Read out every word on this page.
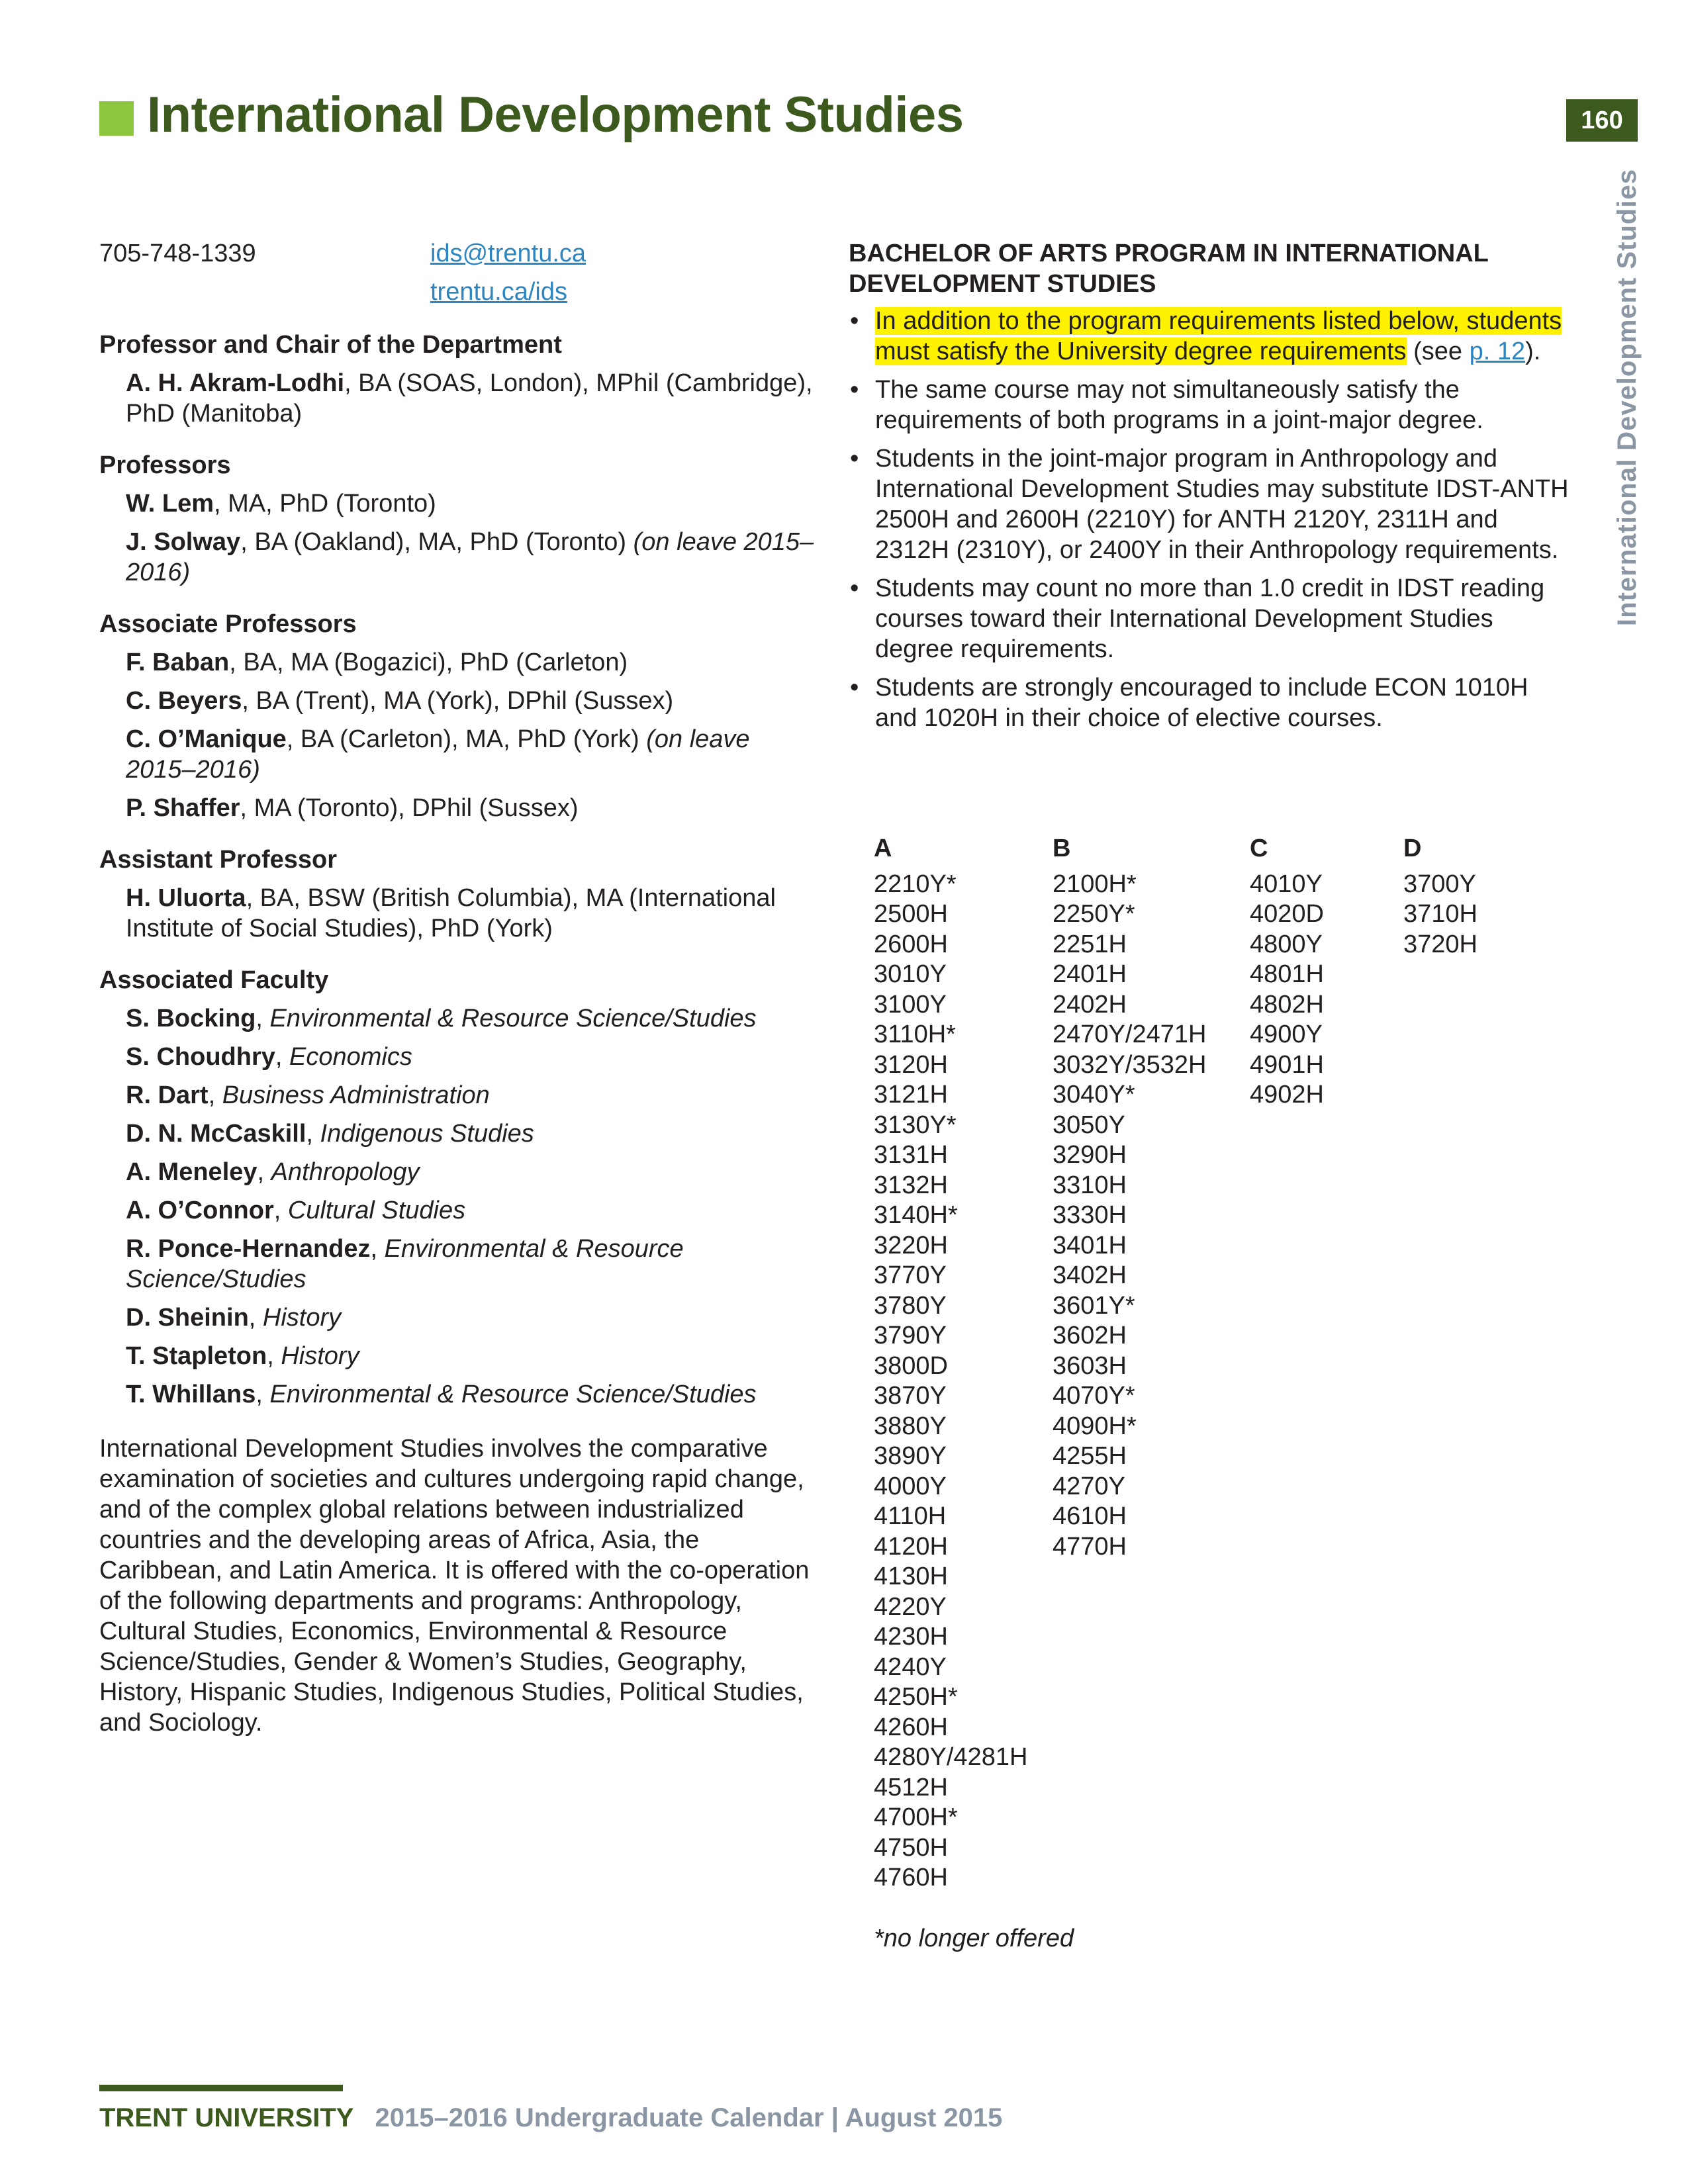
International Development Studies	160
International Development Studies
705-748-1339	ids@trentu.ca
trentu.ca/ids
Professor and Chair of the Department
A. H. Akram-Lodhi, BA (SOAS, London), MPhil (Cambridge), PhD (Manitoba)
Professors
W. Lem, MA, PhD (Toronto)
J. Solway, BA (Oakland), MA, PhD (Toronto) (on leave 2015–2016)
Associate Professors
F. Baban, BA, MA (Bogazici), PhD (Carleton)
C. Beyers, BA (Trent), MA (York), DPhil (Sussex)
C. O’Manique, BA (Carleton), MA, PhD (York) (on leave 2015–2016)
P. Shaffer, MA (Toronto), DPhil (Sussex)
Assistant Professor
H. Uluorta, BA, BSW (British Columbia), MA (International Institute of Social Studies), PhD (York)
Associated Faculty
S. Bocking, Environmental & Resource Science/Studies
S. Choudhry, Economics
R. Dart, Business Administration
D. N. McCaskill, Indigenous Studies
A. Meneley, Anthropology
A. O’Connor, Cultural Studies
R. Ponce-Hernandez, Environmental & Resource Science/Studies
D. Sheinin, History
T. Stapleton, History
T. Whillans, Environmental & Resource Science/Studies
International Development Studies involves the comparative examination of societies and cultures undergoing rapid change, and of the complex global relations between industrialized countries and the developing areas of Africa, Asia, the Caribbean, and Latin America. It is offered with the co-operation of the following departments and programs: Anthropology, Cultural Studies, Economics, Environmental & Resource Science/Studies, Gender & Women’s Studies, Geography, History, Hispanic Studies, Indigenous Studies, Political Studies, and Sociology.
BACHELOR OF ARTS PROGRAM IN INTERNATIONAL DEVELOPMENT STUDIES
• In addition to the program requirements listed below, students must satisfy the University degree requirements (see p. 12).
• The same course may not simultaneously satisfy the requirements of both programs in a joint-major degree.
• Students in the joint-major program in Anthropology and International Development Studies may substitute IDST-ANTH 2500H and 2600H (2210Y) for ANTH 2120Y, 2311H and 2312H (2310Y), or 2400Y in their Anthropology requirements.
• Students may count no more than 1.0 credit in IDST reading courses toward their International Development Studies degree requirements.
• Students are strongly encouraged to include ECON 1010H and 1020H in their choice of elective courses.
A
2210Y*
2500H
2600H
3010Y
3100Y
3110H*
3120H
3121H
3130Y*
3131H
3132H
3140H*
3220H
3770Y
3780Y
3790Y
3800D
3870Y
3880Y
3890Y
4000Y
4110H
4120H
4130H
4220Y
4230H
4240Y
4250H*
4260H
4280Y/4281H
4512H
4700H*
4750H
4760H
B
2100H*
2250Y*
2251H
2401H
2402H
2470Y/2471H
3032Y/3532H
3040Y*
3050Y
3290H
3310H
3330H
3401H
3402H
3601Y*
3602H
3603H
4070Y*
4090H*
4255H
4270Y
4610H
4770H
C
4010Y
4020D
4800Y
4801H
4802H
4900Y
4901H
4902H
D
3700Y
3710H
3720H
*no longer offered
TRENT UNIVERSITY 2015–2016 Undergraduate Calendar | August 2015
